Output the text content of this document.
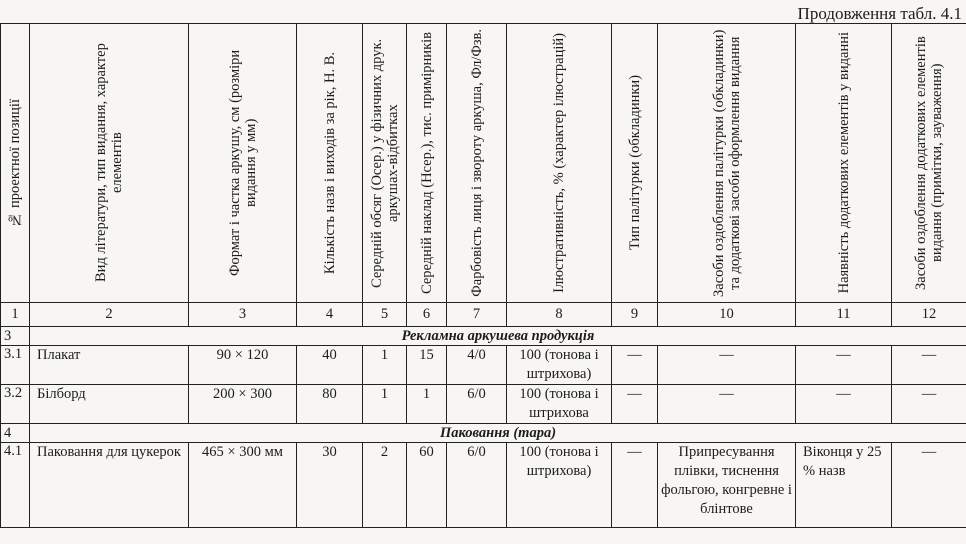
Продовження табл. 4.1
№ проектної позиції	Вид літератури, тип видання, характер елементів	Формат і частка аркушу, см (розміри видання у мм)	Кількість назв і виходів за рік, Н. В.	Середній обсяг (Осер.) у фізичних друк. аркушах-відбитках	Середній наклад (Нсер.), тис. примірників	Фарбовість лиця і звороту аркуша, Фл/Фзв.	Ілюстративність, % (характер ілюстрацій)	Тип палітурки (обкладинки)	Засоби оздоблення палітурки (обкладинки) та додаткові засоби оформлення видання	Наявність додаткових елементів у виданні	Засоби оздоблення додаткових елементів видання (примітки, зауваження)

1	2	3	4	5	6	7	8	9	10	11	12
3	Рекламна аркушева продукція										
3.1	Плакат	90 × 120	40	1	15	4/0	100 (тонова і штрихова)	—	—	—	—
3.2	Білборд	200 × 300	80	1	1	6/0	100 (тонова і штрихова	—	—	—	—
4	Паковання (тара)										
4.1	Паковання для цукерок	465 × 300 мм	30	2	60	6/0	100 (тонова і штрихова)	—	Припресування плівки, тиснення фольгою, конгревне і блінтове	Віконця у 25 % назв	—
